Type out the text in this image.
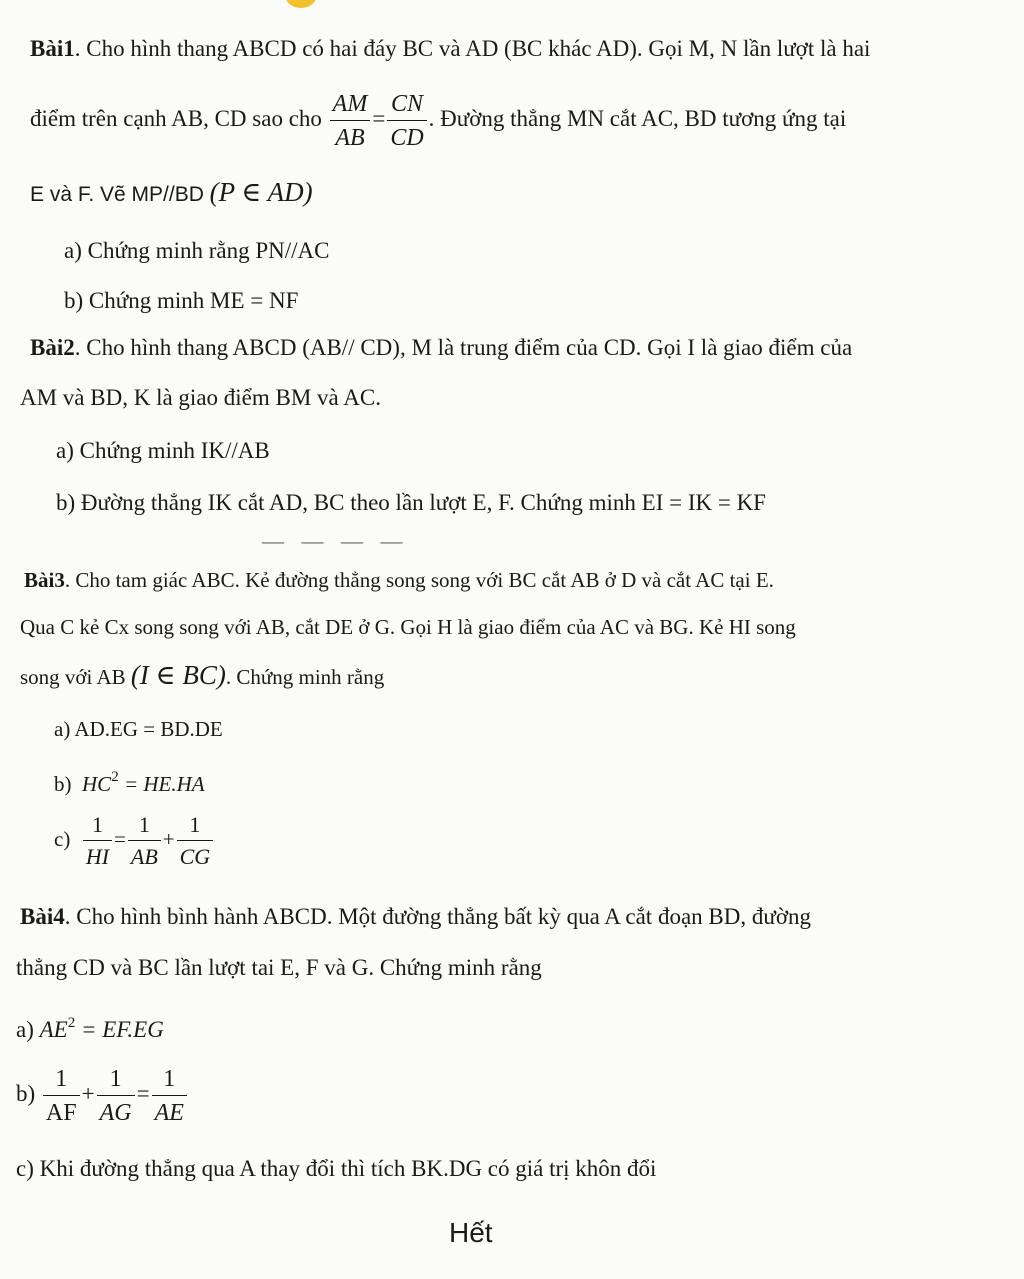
Bài1. Cho hình thang ABCD có hai đáy BC và AD (BC khác AD). Gọi M, N lần lượt là hai
điểm trên cạnh AB, CD sao cho $\frac{AM}{AB} = \frac{CN}{CD}$ . Đường thẳng MN cắt AC, BD tương ứng tại
E và F. Vẽ MP//BD (P ∈ AD)
a) Chứng minh rằng PN//AC
b) Chứng minh ME = NF
Bài2. Cho hình thang ABCD (AB// CD), M là trung điểm của CD. Gọi I là giao điểm của
AM và BD, K là giao điểm BM và AC.
a) Chứng minh IK//AB
b) Đường thẳng IK cắt AD, BC theo lần lượt E, F. Chứng minh EI = IK = KF
— — — —
Bài3. Cho tam giác ABC. Kẻ đường thẳng song song với BC cắt AB ở D và cắt AC tại E.
Qua C kẻ Cx song song với AB, cắt DE ở G. Gọi H là giao điểm của AC và BG. Kẻ HI song
song với AB (I ∈ BC). Chứng minh rằng
a) AD.EG = BD.DE
b) $HC^2 = HE.HA$
$c) \frac{1}{HI} = \frac{1}{AB} + \frac{1}{CG}$
Bài4. Cho hình bình hành ABCD. Một đường thẳng bất kỳ qua A cắt đoạn BD, đường
thẳng CD và BC lần lượt tai E, F và G. Chứng minh rằng
a) $AE^2 = EF.EG$
$b) \frac{1}{AF} + \frac{1}{AG} = \frac{1}{AE}$
c) Khi đường thẳng qua A thay đổi thì tích BK.DG có giá trị khôn đổi
Hết
